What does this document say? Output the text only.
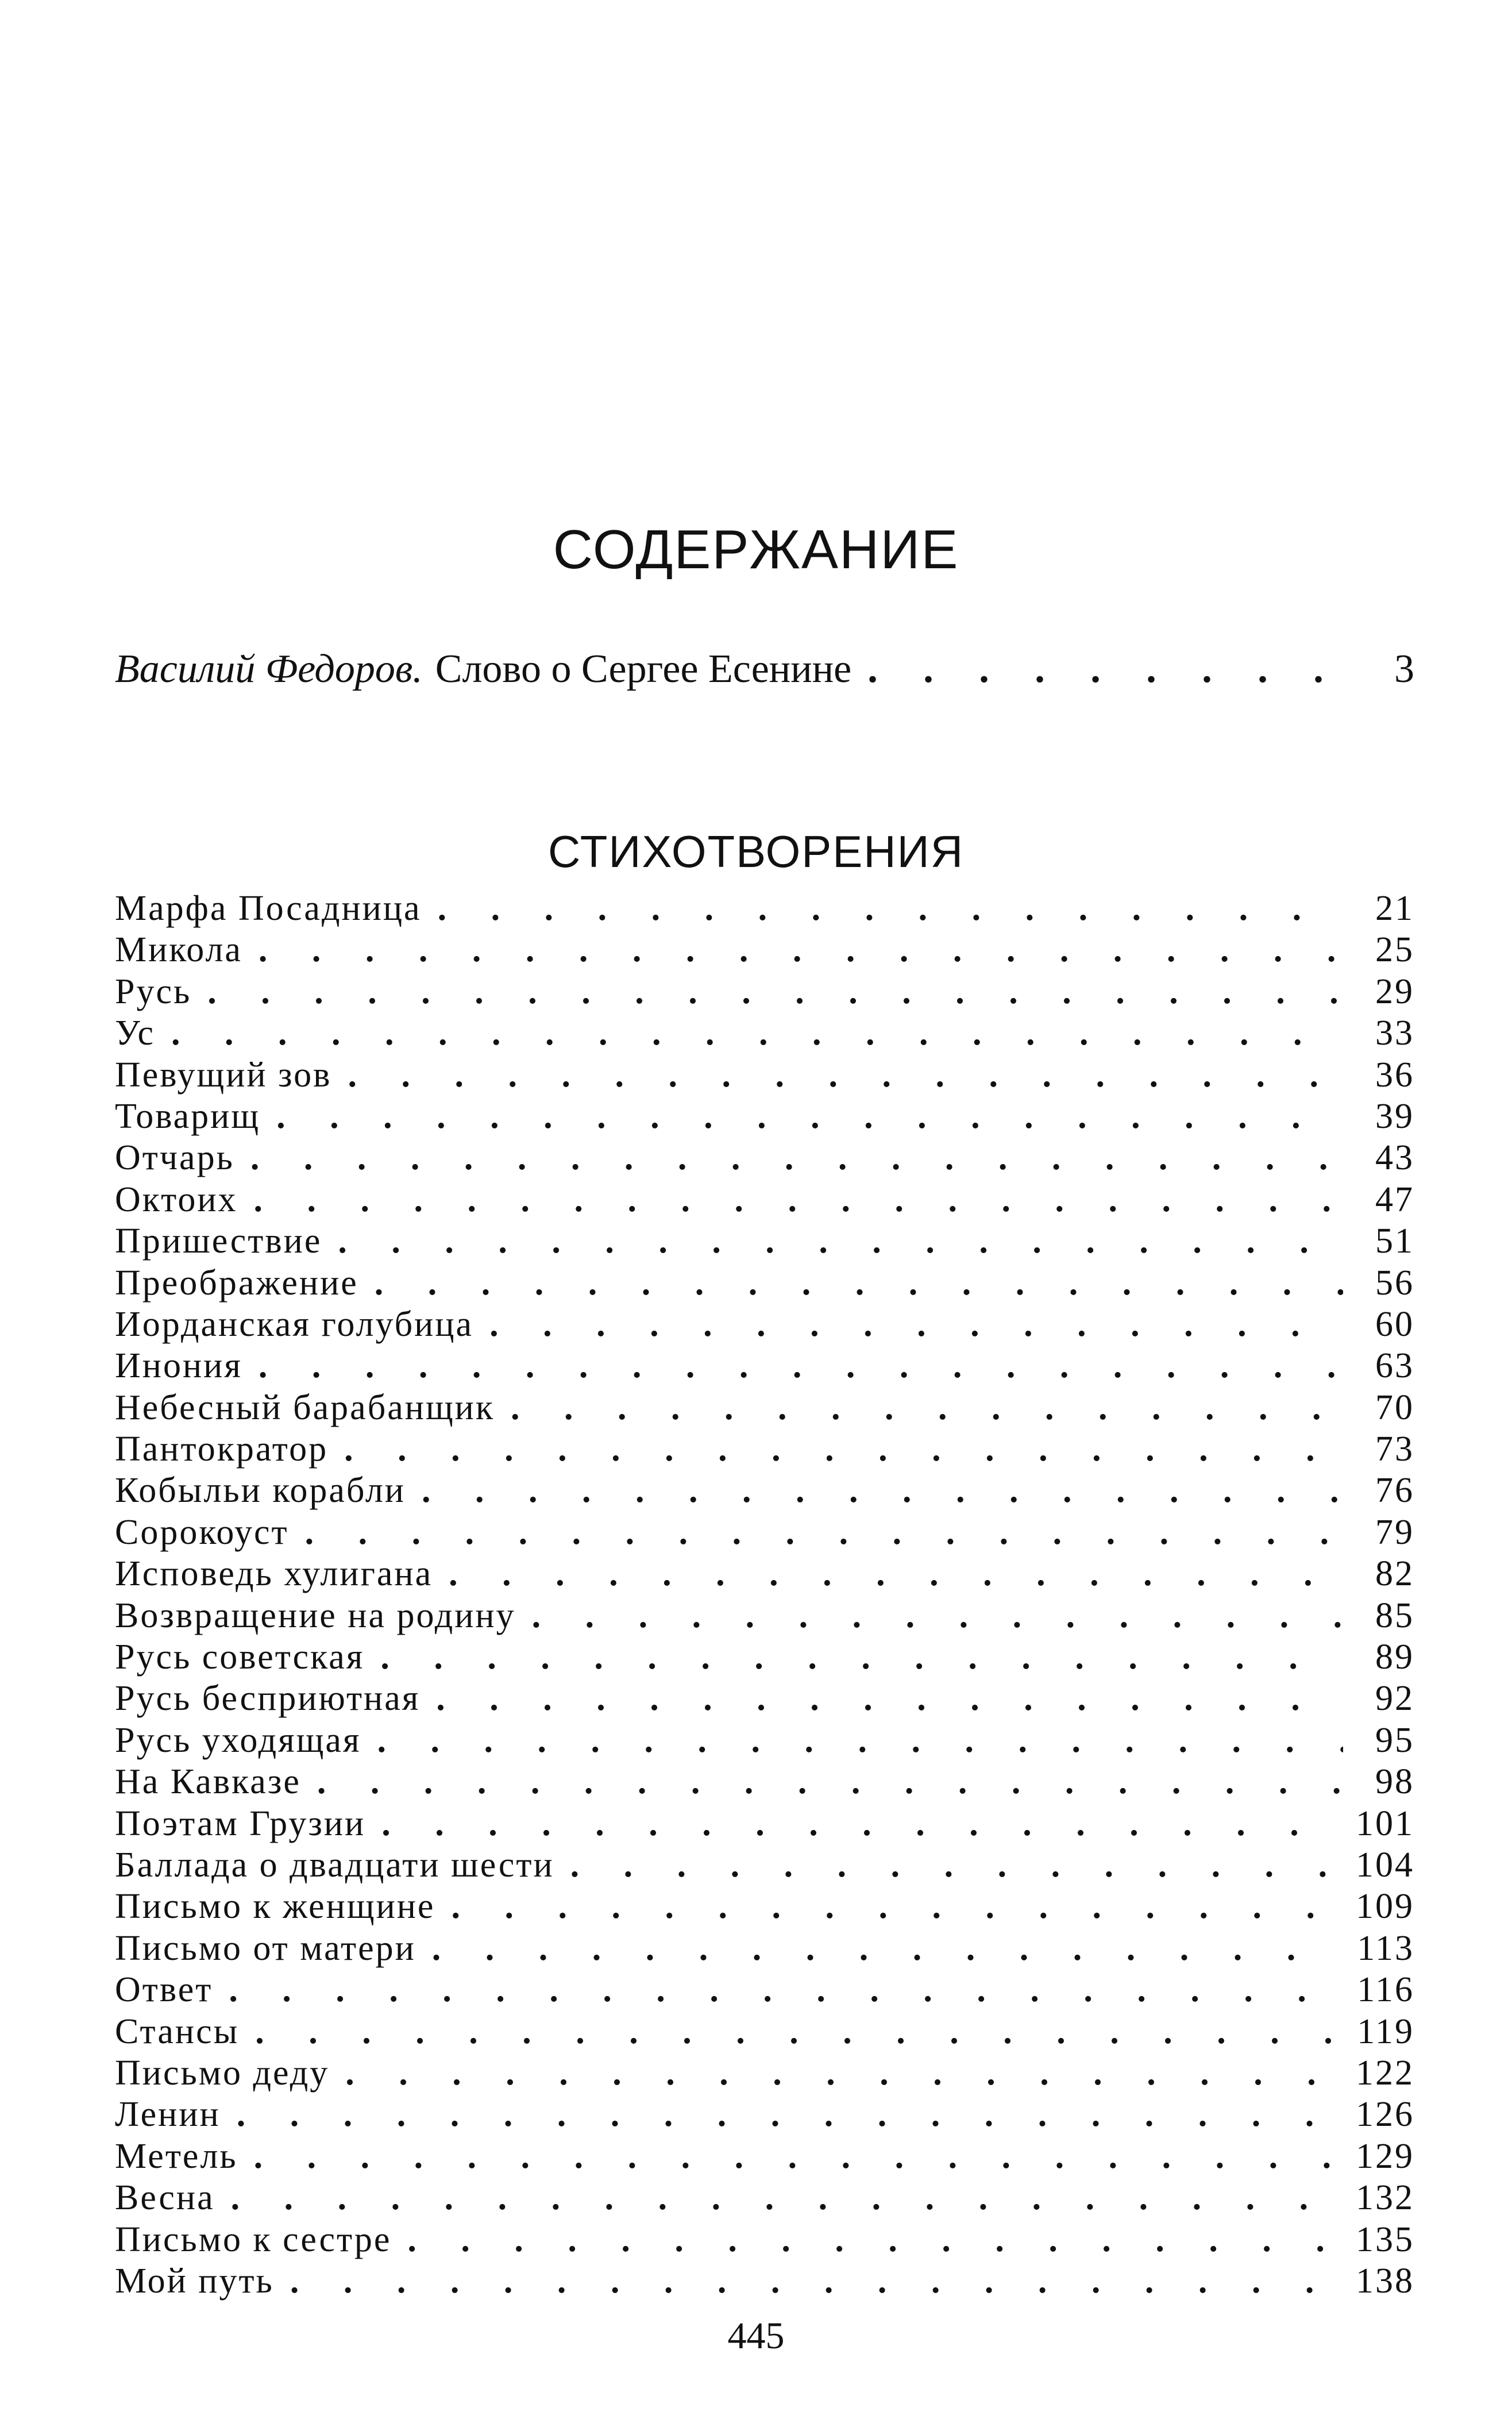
СОДЕРЖАНИЕ
Василий Федоров. Слово о Сергее Есенине . . .	3
СТИХОТВОРЕНИЯ
Марфа Посадница . . .	21
Микола . . .	25
Русь . . .	29
Ус . . .	33
Певущий зов . . .	36
Товарищ . . .	39
Отчарь . . .	43
Октоих . . .	47
Пришествие . . .	51
Преображение . . .	56
Иорданская голубица . . .	60
Инония . . .	63
Небесный барабанщик . . .	70
Пантократор . . .	73
Кобыльи корабли . . .	76
Сорокоуст . . .	79
Исповедь хулигана . . .	82
Возвращение на родину . . .	85
Русь советская . . .	89
Русь бесприютная . . .	92
Русь уходящая . . .	95
На Кавказе . . .	98
Поэтам Грузии . . .	101
Баллада о двадцати шести . . .	104
Письмо к женщине . . .	109
Письмо от матери . . .	113
Ответ . . .	116
Стансы . . .	119
Письмо деду . . .	122
Ленин . . .	126
Метель . . .	129
Весна . . .	132
Письмо к сестре . . .	135
Мой путь . . .	138
445
